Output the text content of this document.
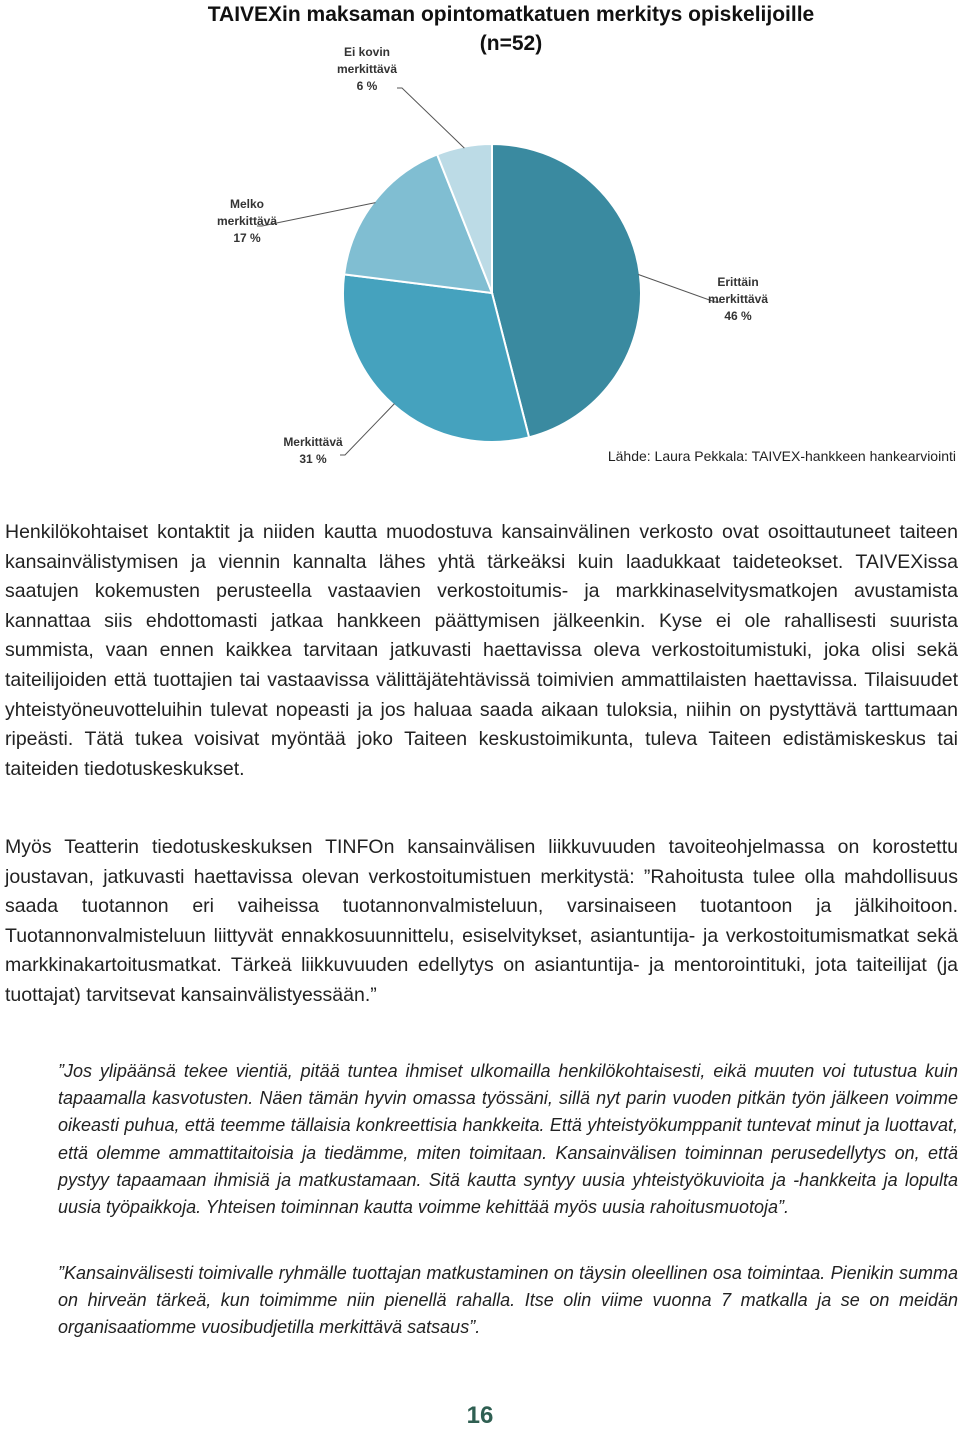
TAIVEXin maksaman opintomatkatuen merkitys opiskelijoille
(n=52)
Erittäin
merkittävä
46 %
Merkittävä
31 %
Melko
merkittävä
17 %
Ei kovin
merkittävä
6 %
Lähde: Laura Pekkala: TAIVEX-hankkeen hankearviointi

Henkilökohtaiset kontaktit ja niiden kautta muodostuva kansainvälinen verkosto ovat osoittautuneet taiteen kansainvälistymisen ja viennin kannalta lähes yhtä tärkeäksi kuin laadukkaat taideteokset. TAIVEXissa saatujen kokemusten perusteella vastaavien verkostoitumis- ja markkinaselvitysmatkojen avustamista kannattaa siis ehdottomasti jatkaa hankkeen päättymisen jälkeenkin. Kyse ei ole rahallisesti suurista summista, vaan ennen kaikkea tarvitaan jatkuvasti haettavissa oleva verkostoitumistuki, joka olisi sekä taiteilijoiden että tuottajien tai vastaavissa välittäjätehtävissä toimivien ammattilaisten haettavissa. Tilaisuudet yhteistyöneuvotteluihin tulevat nopeasti ja jos haluaa saada aikaan tuloksia, niihin on pystyttävä tarttumaan ripeästi. Tätä tukea voisivat myöntää joko Taiteen keskustoimikunta, tuleva Taiteen edistämiskeskus tai taiteiden tiedotuskeskukset.

Myös Teatterin tiedotuskeskuksen TINFOn kansainvälisen liikkuvuuden tavoiteohjelmassa on korostettu joustavan, jatkuvasti haettavissa olevan verkostoitumistuen merkitystä: ”Rahoitusta tulee olla mahdollisuus saada tuotannon eri vaiheissa tuotannonvalmisteluun, varsinaiseen tuotantoon ja jälkihoitoon. Tuotannonvalmisteluun liittyvät ennakkosuunnittelu, esiselvitykset, asiantuntija- ja verkostoitumismatkat sekä markkinakartoitusmatkat. Tärkeä liikkuvuuden edellytys on asiantuntija- ja mentorointituki, jota taiteilijat (ja tuottajat) tarvitsevat kansainvälistyessään.”

”Jos ylipäänsä tekee vientiä, pitää tuntea ihmiset ulkomailla henkilökohtaisesti, eikä muuten voi tutustua kuin tapaamalla kasvotusten. Näen tämän hyvin omassa työssäni, sillä nyt parin vuoden pitkän työn jälkeen voimme oikeasti puhua, että teemme tällaisia konkreettisia hankkeita. Että yhteistyökumppanit tuntevat minut ja luottavat, että olemme ammattitaitoisia ja tiedämme, miten toimitaan. Kansainvälisen toiminnan perusedellytys on, että pystyy tapaamaan ihmisiä ja matkustamaan. Sitä kautta syntyy uusia yhteistyökuvioita ja -hankkeita ja lopulta uusia työpaikkoja. Yhteisen toiminnan kautta voimme kehittää myös uusia rahoitusmuotoja”.

”Kansainvälisesti toimivalle ryhmälle tuottajan matkustaminen on täysin oleellinen osa toimintaa. Pienikin summa on hirveän tärkeä, kun toimimme niin pienellä rahalla. Itse olin viime vuonna 7 matkalla ja se on meidän organisaatiomme vuosibudjetilla merkittävä satsaus”.

16
